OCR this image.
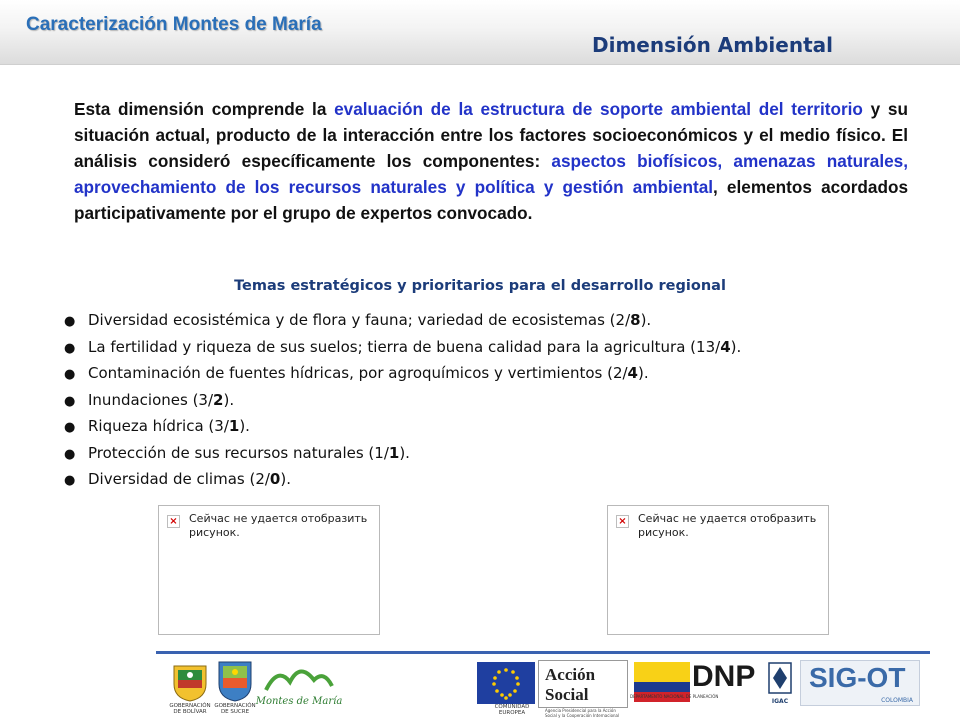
Caracterización Montes de María
Dimensión Ambiental
Esta dimensión comprende la evaluación de la estructura de soporte ambiental del territorio y su situación actual, producto de la interacción entre los factores socioeconómicos y el medio físico. El análisis consideró específicamente los componentes: aspectos biofísicos, amenazas naturales, aprovechamiento de los recursos naturales y política y gestión ambiental, elementos acordados participativamente por el grupo de expertos convocado.
Temas estratégicos y prioritarios para el desarrollo regional
● Diversidad ecosistémica y de flora y fauna; variedad de ecosistemas (2/8).
● La fertilidad y riqueza de sus suelos; tierra de buena calidad para la agricultura (13/4).
● Contaminación de fuentes hídricas, por agroquímicos y vertimientos (2/4).
● Inundaciones (3/2).
● Riqueza hídrica (3/1).
● Protección de sus recursos naturales (1/1).
● Diversidad de climas (2/0).
× Сейчас не удается отобразить рисунок.
× Сейчас не удается отобразить рисунок.
GOBERNACIÓN DE BOLÍVAR
GOBERNACIÓN DE SUCRE
Montes de María	COMUNIDAD EUROPEA
Acción Social
Agencia Presidencial para la Acción Social y la Cooperación Internacional
DNP
DEPARTAMENTO NACIONAL DE PLANEACIÓN
IGAC
SIG-OT
COLOMBIA
